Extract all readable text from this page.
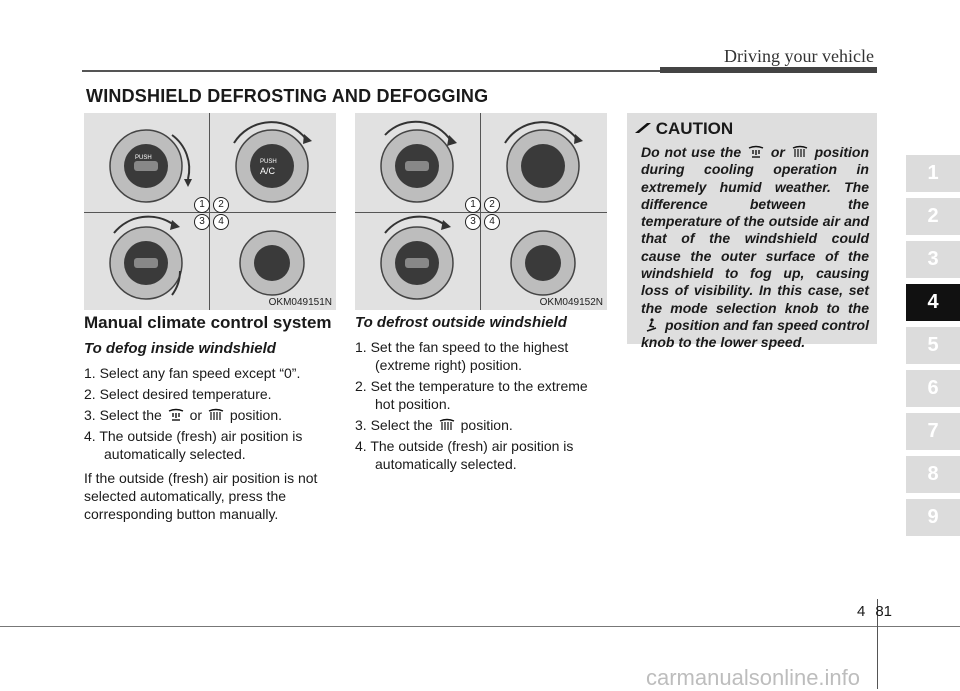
Driving your vehicle
WINDSHIELD DEFROSTING AND DEFOGGING
PUSH
PUSH
A/C
1 2
3 4
OKM049151N
1 2
3 4
OKM049152N
Manual climate control system
To defog inside windshield
1. Select any fan speed except “0”.
2. Select desired temperature.
3. Select the or position.
4. The outside (fresh) air position is automatically selected.
If the outside (fresh) air position is not selected automatically, press the corresponding button manually.
To defrost outside windshield
1. Set the fan speed to the highest (extreme right) position.
2. Set the temperature to the extreme hot position.
3. Select the position.
4. The outside (fresh) air position is automatically selected.
CAUTION
Do not use the or position during cooling operation in extremely humid weather. The difference between the temperature of the outside air and that of the windshield could cause the outer surface of the windshield to fog up, causing loss of visibility. In this case, set the mode selection knob to the  position and fan speed control knob to the lower speed.
1
2
3
4
5
6
7
8
9
4 81
carmanualsonline.info
